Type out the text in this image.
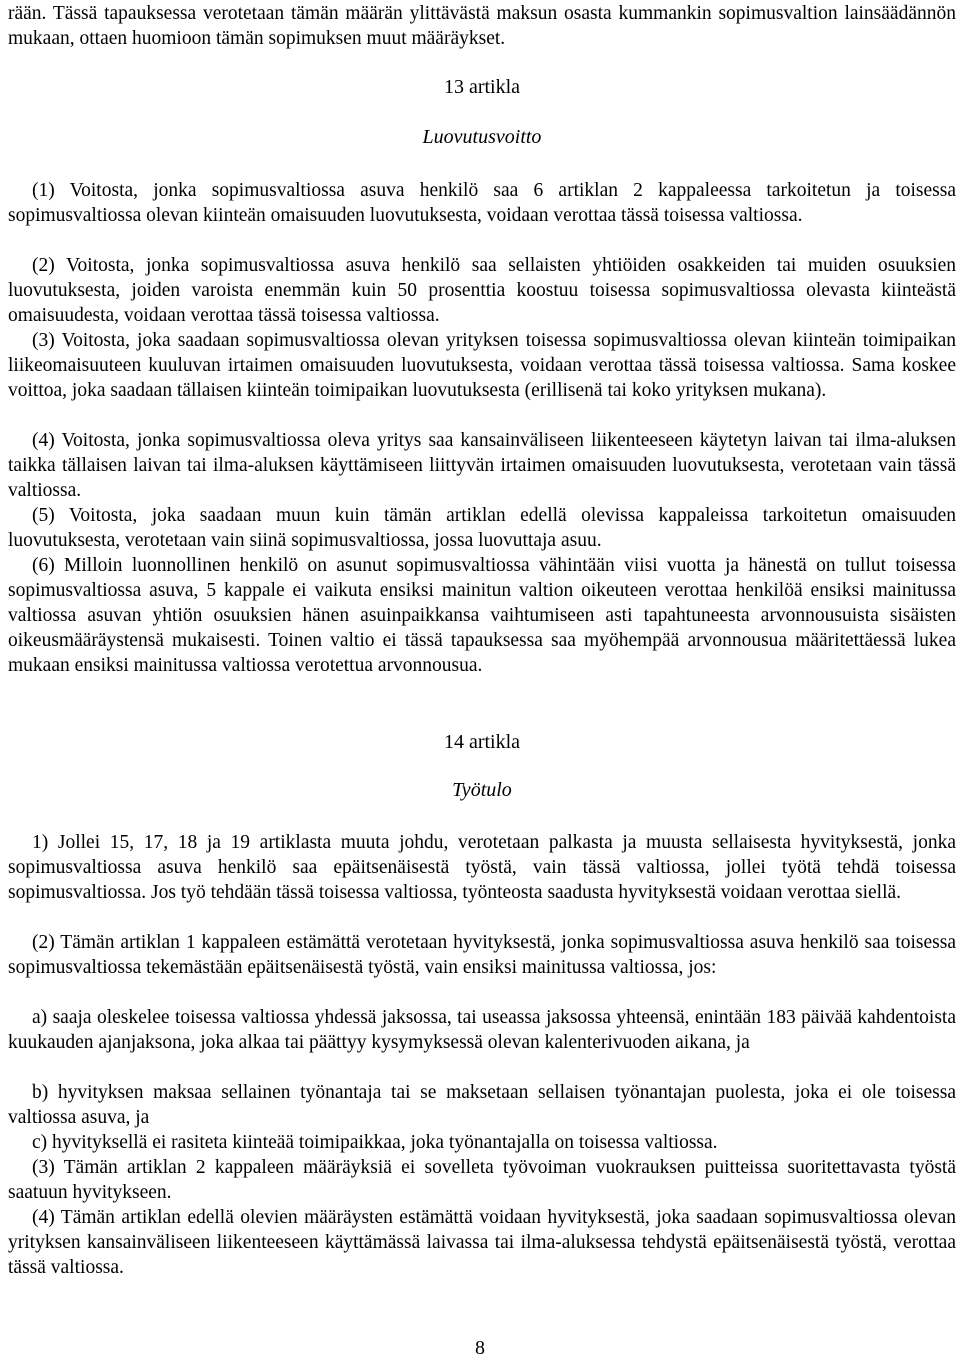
rään. Tässä tapauksessa verotetaan tämän määrän ylittävästä maksun osasta kummankin sopimusvaltion lainsäädännön mukaan, ottaen huomioon tämän sopimuksen muut määräykset.

13 artikla

Luovutusvoitto

(1) Voitosta, jonka sopimusvaltiossa asuva henkilö saa 6 artiklan 2 kappaleessa tarkoitetun ja toisessa sopimusvaltiossa olevan kiinteän omaisuuden luovutuksesta, voidaan verottaa tässä toisessa valtiossa.

(2) Voitosta, jonka sopimusvaltiossa asuva henkilö saa sellaisten yhtiöiden osakkeiden tai muiden osuuksien luovutuksesta, joiden varoista enemmän kuin 50 prosenttia koostuu toisessa sopimusvaltiossa olevasta kiinteästä omaisuudesta, voidaan verottaa tässä toisessa valtiossa.

(3) Voitosta, joka saadaan sopimusvaltiossa olevan yrityksen toisessa sopimusvaltiossa olevan kiinteän toimipaikan liikeomaisuuteen kuuluvan irtaimen omaisuuden luovutuksesta, voidaan verottaa tässä toisessa valtiossa. Sama koskee voittoa, joka saadaan tällaisen kiinteän toimipaikan luovutuksesta (erillisenä tai koko yrityksen mukana).

(4) Voitosta, jonka sopimusvaltiossa oleva yritys saa kansainväliseen liikenteeseen käytetyn laivan tai ilma-aluksen taikka tällaisen laivan tai ilma-aluksen käyttämiseen liittyvän irtaimen omaisuuden luovutuksesta, verotetaan vain tässä valtiossa.

(5) Voitosta, joka saadaan muun kuin tämän artiklan edellä olevissa kappaleissa tarkoitetun omaisuuden luovutuksesta, verotetaan vain siinä sopimusvaltiossa, jossa luovuttaja asuu.

(6) Milloin luonnollinen henkilö on asunut sopimusvaltiossa vähintään viisi vuotta ja hänestä on tullut toisessa sopimusvaltiossa asuva, 5 kappale ei vaikuta ensiksi mainitun valtion oikeuteen verottaa henkilöä ensiksi mainitussa valtiossa asuvan yhtiön osuuksien hänen asuinpaikkansa vaihtumiseen asti tapahtuneesta arvonnousuista sisäisten oikeusmääräystensä mukaisesti. Toinen valtio ei tässä tapauksessa saa myöhempää arvonnousua määritettäessä lukea mukaan ensiksi mainitussa valtiossa verotettua arvonnousua.

14 artikla

Työtulo

1) Jollei 15, 17, 18 ja 19 artiklasta muuta johdu, verotetaan palkasta ja muusta sellaisesta hyvityksestä, jonka sopimusvaltiossa asuva henkilö saa epäitsenäisestä työstä, vain tässä valtiossa, jollei työtä tehdä toisessa sopimusvaltiossa. Jos työ tehdään tässä toisessa valtiossa, työnteosta saadusta hyvityksestä voidaan verottaa siellä.

(2) Tämän artiklan 1 kappaleen estämättä verotetaan hyvityksestä, jonka sopimusvaltiossa asuva henkilö saa toisessa sopimusvaltiossa tekemästään epäitsenäisestä työstä, vain ensiksi mainitussa valtiossa, jos:

a) saaja oleskelee toisessa valtiossa yhdessä jaksossa, tai useassa jaksossa yhteensä, enintään 183 päivää kahdentoista kuukauden ajanjaksona, joka alkaa tai päättyy kysymyksessä olevan kalenterivuoden aikana, ja

b) hyvityksen maksaa sellainen työnantaja tai se maksetaan sellaisen työnantajan puolesta, joka ei ole toisessa valtiossa asuva, ja

c) hyvityksellä ei rasiteta kiinteää toimipaikkaa, joka työnantajalla on toisessa valtiossa.

(3) Tämän artiklan 2 kappaleen määräyksiä ei sovelleta työvoiman vuokrauksen puitteissa suoritettavasta työstä saatuun hyvitykseen.

(4) Tämän artiklan edellä olevien määräysten estämättä voidaan hyvityksestä, joka saadaan sopimusvaltiossa olevan yrityksen kansainväliseen liikenteeseen käyttämässä laivassa tai ilma-aluksessa tehdystä epäitsenäisestä työstä, verottaa tässä valtiossa.

8
